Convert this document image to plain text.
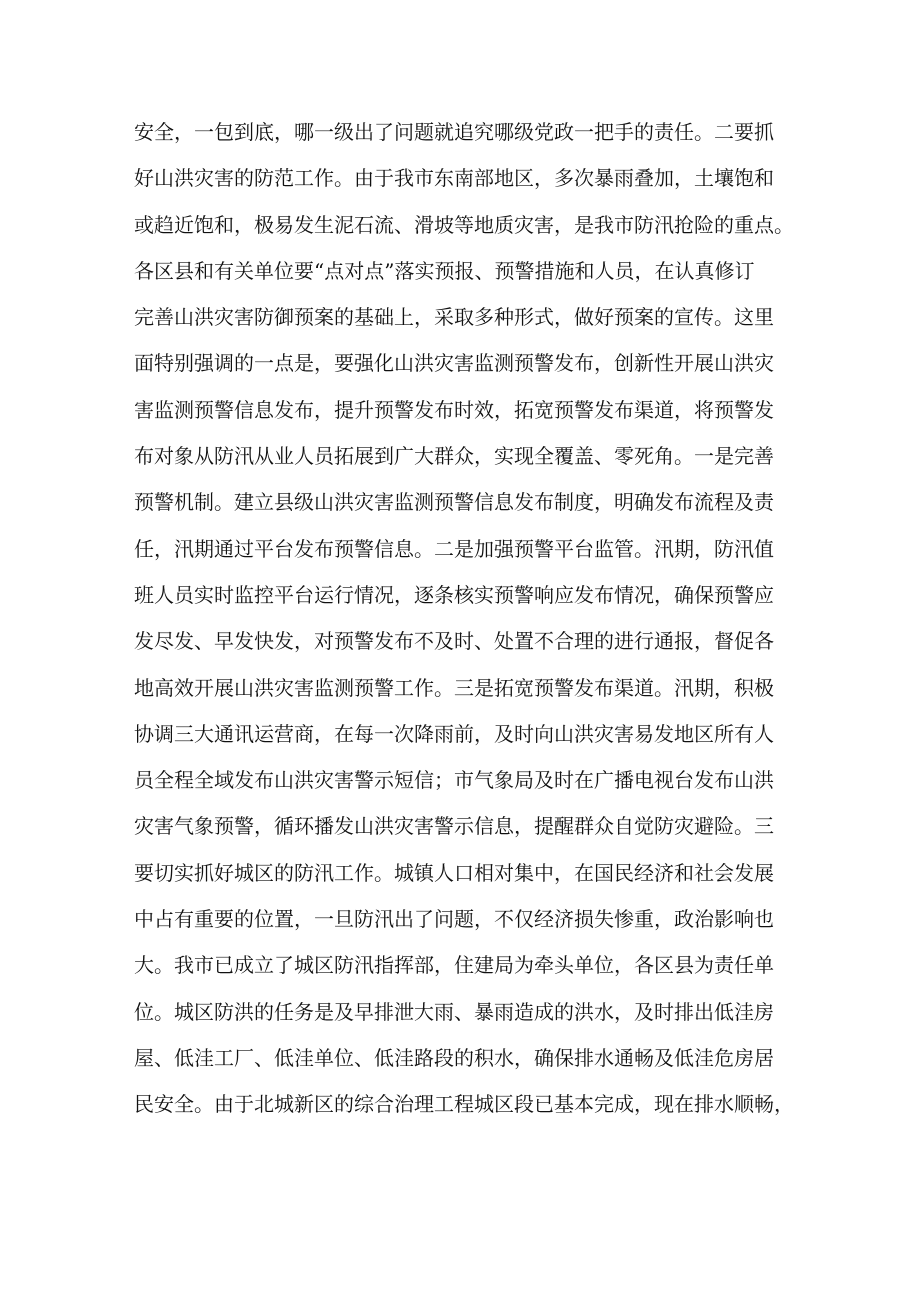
安全，一包到底，哪一级出了问题就追究哪级党政一把手的责任。二要抓
好山洪灾害的防范工作。由于我市东南部地区，多次暴雨叠加，土壤饱和
或趋近饱和，极易发生泥石流、滑坡等地质灾害，是我市防汛抢险的重点。
各区县和有关单位要“点对点”落实预报、预警措施和人员，在认真修订
完善山洪灾害防御预案的基础上，采取多种形式，做好预案的宣传。这里
面特别强调的一点是，要强化山洪灾害监测预警发布，创新性开展山洪灾
害监测预警信息发布，提升预警发布时效，拓宽预警发布渠道，将预警发
布对象从防汛从业人员拓展到广大群众，实现全覆盖、零死角。一是完善
预警机制。建立县级山洪灾害监测预警信息发布制度，明确发布流程及责
任，汛期通过平台发布预警信息。二是加强预警平台监管。汛期，防汛值
班人员实时监控平台运行情况，逐条核实预警响应发布情况，确保预警应
发尽发、早发快发，对预警发布不及时、处置不合理的进行通报，督促各
地高效开展山洪灾害监测预警工作。三是拓宽预警发布渠道。汛期，积极
协调三大通讯运营商，在每一次降雨前，及时向山洪灾害易发地区所有人
员全程全域发布山洪灾害警示短信；市气象局及时在广播电视台发布山洪
灾害气象预警，循环播发山洪灾害警示信息，提醒群众自觉防灾避险。三
要切实抓好城区的防汛工作。城镇人口相对集中，在国民经济和社会发展
中占有重要的位置，一旦防汛出了问题，不仅经济损失惨重，政治影响也
大。我市已成立了城区防汛指挥部，住建局为牵头单位，各区县为责任单
位。城区防洪的任务是及早排泄大雨、暴雨造成的洪水，及时排出低洼房
屋、低洼工厂、低洼单位、低洼路段的积水，确保排水通畅及低洼危房居
民安全。由于北城新区的综合治理工程城区段已基本完成，现在排水顺畅，
